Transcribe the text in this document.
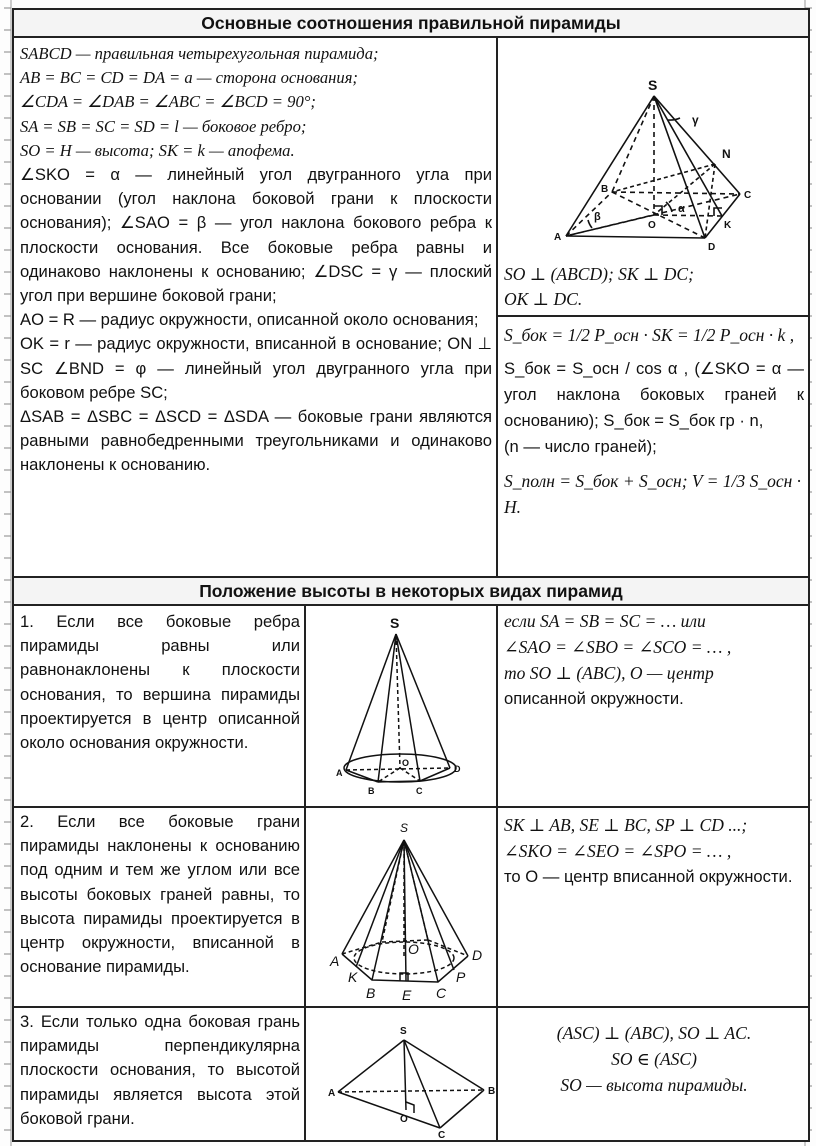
Основные соотношения правильной пирамиды

SABCD — правильная четырехугольная пирамида;

AB = BC = CD = DA = a — сторона основания;

∠CDA = ∠DAB = ∠ABC = ∠BCD = 90°;

SA = SB = SC = SD = l — боковое ребро;

SO = H — высота; SK = k — апофема.

∠SKO = α — линейный угол двугранного угла при основании (угол наклона боковой грани к плоскости основания); ∠SAO = β — угол наклона бокового ребра к плоскости основания. Все боковые ребра равны и одинаково наклонены к основанию; ∠DSC = γ — плоский угол при вершине боковой грани;

AO = R — радиус окружности, описанной около основания;

OK = r — радиус окружности, вписанной в основание; ON ⊥ SC ∠BND = φ — линейный угол двугранного угла при боковом ребре SC;

ΔSAB = ΔSBC = ΔSCD = ΔSDA — боковые грани являются равными равнобедренными треугольниками и одинаково наклонены к основанию.

S
γ
N
C
B
A
D
O	K
β
α

SO ⊥ (ABCD); SK ⊥ DC;

OK ⊥ DC.

S_бок = 1/2 P_осн · SK = 1/2 P_осн · k ,

S_бок = S_осн / cos α , (∠SKO = α — угол наклона боковых граней к основанию); S_бок = S_бок гр · n,

(n — число граней);

S_полн = S_бок + S_осн; V = 1/3 S_осн · H.

Положение высоты в некоторых видах пирамид
1. Если все боковые ребра пирамиды равны или равнонаклонены к плоскости основания, то вершина пирамиды проектируется в центр описанной около основания окружности.
S
A
B	C
D
O

если SA = SB = SC = … или

∠SAO = ∠SBO = ∠SCO = … ,

то SO ⊥ (ABC), O — центр

описанной окружности.

2. Если все боковые грани пирамиды наклонены к основанию под одним и тем же углом или все высоты боковых граней равны, то высота пирамиды проектируется в центр окружности, вписанной в основание пирамиды.
S
A
K
B E C
P
D
O

SK ⊥ AB, SE ⊥ BC, SP ⊥ CD ...;

∠SKO = ∠SEO = ∠SPO = … ,

то O — центр вписанной окружности.

3. Если только одна боковая грань пирамиды перпендикулярна плоскости основания, то высотой пирамиды является высота этой боковой грани.
S
A	B
O
C

(ASC) ⊥ (ABC), SO ⊥ AC.

SO ∈ (ASC)

SO — высота пирамиды.
